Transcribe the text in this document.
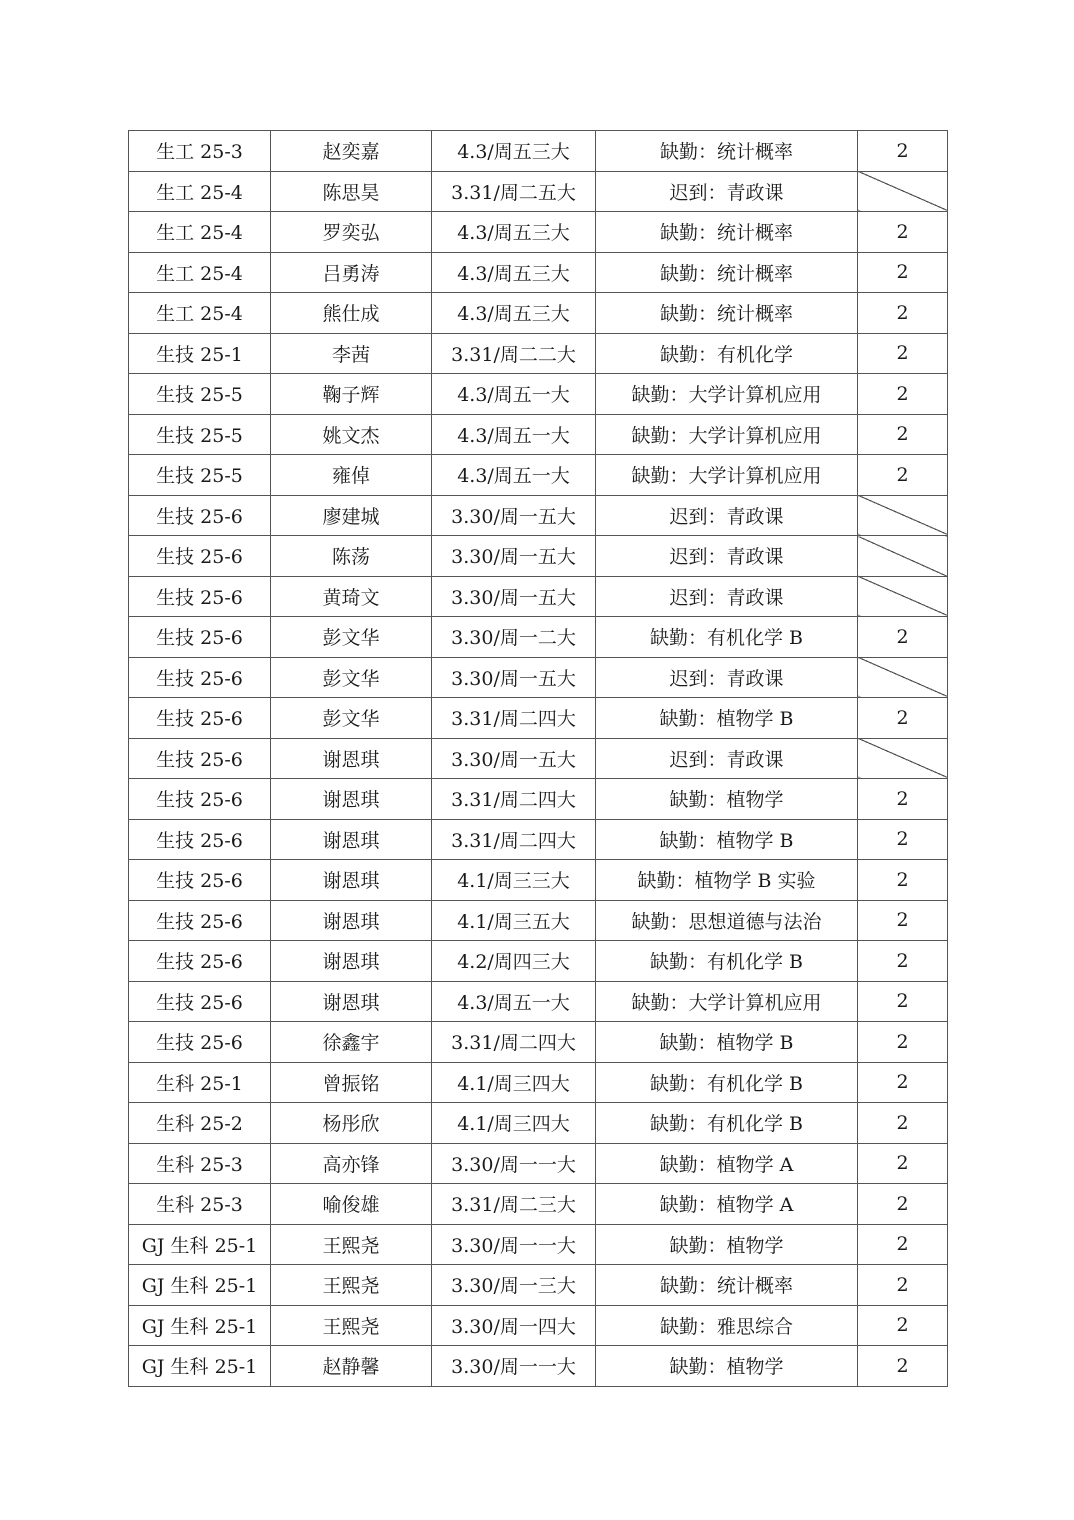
生工 25-3	赵奕嘉	4.3/周五三大	缺勤：统计概率	2
生工 25-4	陈思昊	3.31/周二五大	迟到：青政课	
生工 25-4	罗奕弘	4.3/周五三大	缺勤：统计概率	2
生工 25-4	吕勇涛	4.3/周五三大	缺勤：统计概率	2
生工 25-4	熊仕成	4.3/周五三大	缺勤：统计概率	2
生技 25-1	李茜	3.31/周二二大	缺勤：有机化学	2
生技 25-5	鞠子辉	4.3/周五一大	缺勤：大学计算机应用	2
生技 25-5	姚文杰	4.3/周五一大	缺勤：大学计算机应用	2
生技 25-5	雍倬	4.3/周五一大	缺勤：大学计算机应用	2
生技 25-6	廖建城	3.30/周一五大	迟到：青政课	
生技 25-6	陈荡	3.30/周一五大	迟到：青政课	
生技 25-6	黄琦文	3.30/周一五大	迟到：青政课	
生技 25-6	彭文华	3.30/周一二大	缺勤：有机化学 B	2
生技 25-6	彭文华	3.30/周一五大	迟到：青政课	
生技 25-6	彭文华	3.31/周二四大	缺勤：植物学 B	2
生技 25-6	谢恩琪	3.30/周一五大	迟到：青政课	
生技 25-6	谢恩琪	3.31/周二四大	缺勤：植物学	2
生技 25-6	谢恩琪	3.31/周二四大	缺勤：植物学 B	2
生技 25-6	谢恩琪	4.1/周三三大	缺勤：植物学 B 实验	2
生技 25-6	谢恩琪	4.1/周三五大	缺勤：思想道德与法治	2
生技 25-6	谢恩琪	4.2/周四三大	缺勤：有机化学 B	2
生技 25-6	谢恩琪	4.3/周五一大	缺勤：大学计算机应用	2
生技 25-6	徐鑫宇	3.31/周二四大	缺勤：植物学 B	2
生科 25-1	曾振铭	4.1/周三四大	缺勤：有机化学 B	2
生科 25-2	杨彤欣	4.1/周三四大	缺勤：有机化学 B	2
生科 25-3	高亦锋	3.30/周一一大	缺勤：植物学 A	2
生科 25-3	喻俊雄	3.31/周二三大	缺勤：植物学 A	2
GJ 生科 25-1	王熙尧	3.30/周一一大	缺勤：植物学	2
GJ 生科 25-1	王熙尧	3.30/周一三大	缺勤：统计概率	2
GJ 生科 25-1	王熙尧	3.30/周一四大	缺勤：雅思综合	2
GJ 生科 25-1	赵静馨	3.30/周一一大	缺勤：植物学	2
